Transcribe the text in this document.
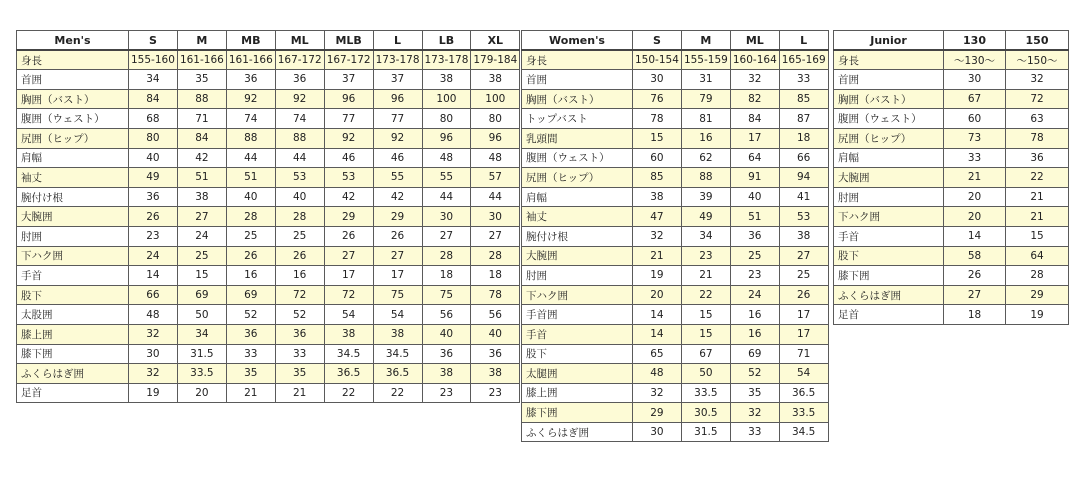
Men's	S	M	MB	ML	MLB	L	LB	XL
身長	155-160	161-166	161-166	167-172	167-172	173-178	173-178	179-184
首囲	34	35	36	36	37	37	38	38
胸囲（バスト）	84	88	92	92	96	96	100	100
腹囲（ウェスト）	68	71	74	74	77	77	80	80
尻囲（ヒップ）	80	84	88	88	92	92	96	96
肩幅	40	42	44	44	46	46	48	48
袖丈	49	51	51	53	53	55	55	57
腕付け根	36	38	40	40	42	42	44	44
大腕囲	26	27	28	28	29	29	30	30
肘囲	23	24	25	25	26	26	27	27
下ハク囲	24	25	26	26	27	27	28	28
手首	14	15	16	16	17	17	18	18
股下	66	69	69	72	72	75	75	78
太股囲	48	50	52	52	54	54	56	56
膝上囲	32	34	36	36	38	38	40	40
膝下囲	30	31.5	33	33	34.5	34.5	36	36
ふくらはぎ囲	32	33.5	35	35	36.5	36.5	38	38
足首	19	20	21	21	22	22	23	23
Women's	S	M	ML	L
身長	150-154	155-159	160-164	165-169
首囲	30	31	32	33
胸囲（バスト）	76	79	82	85
トップバスト	78	81	84	87
乳頭間	15	16	17	18
腹囲（ウェスト）	60	62	64	66
尻囲（ヒップ）	85	88	91	94
肩幅	38	39	40	41
袖丈	47	49	51	53
腕付け根	32	34	36	38
大腕囲	21	23	25	27
肘囲	19	21	23	25
下ハク囲	20	22	24	26
手首囲	14	15	16	17
手首	14	15	16	17
股下	65	67	69	71
太腿囲	48	50	52	54
膝上囲	32	33.5	35	36.5
膝下囲	29	30.5	32	33.5
ふくらはぎ囲	30	31.5	33	34.5
Junior	130	150
身長	〜130〜	〜150〜
首囲	30	32
胸囲（バスト）	67	72
腹囲（ウェスト）	60	63
尻囲（ヒップ）	73	78
肩幅	33	36
大腕囲	21	22
肘囲	20	21
下ハク囲	20	21
手首	14	15
股下	58	64
膝下囲	26	28
ふくらはぎ囲	27	29
足首	18	19
